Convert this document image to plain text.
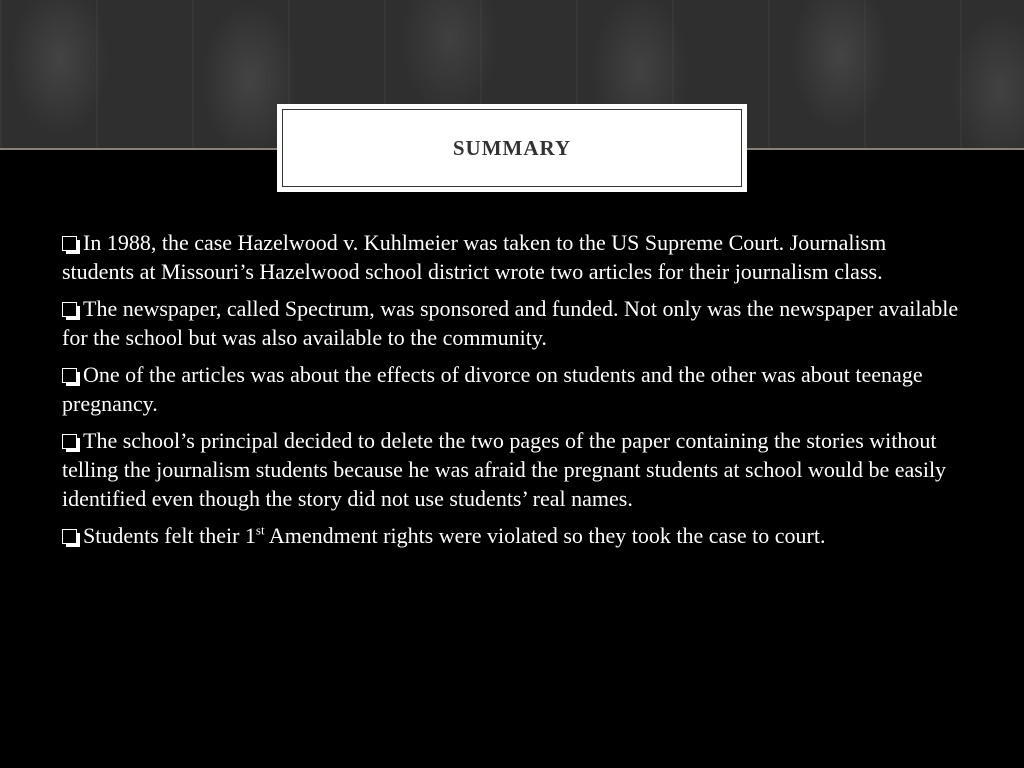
SUMMARY
In 1988, the case Hazelwood v. Kuhlmeier was taken to the US Supreme Court. Journalism students at Missouri’s Hazelwood school district wrote two articles for their journalism class.
The newspaper, called Spectrum, was sponsored and funded. Not only was the newspaper available for the school but was also available to the community.
One of the articles was about the effects of divorce on students and the other was about teenage pregnancy.
The school’s principal decided to delete the two pages of the paper containing the stories without telling the journalism students because he was afraid the pregnant students at school would be easily identified even though the story did not use students’ real names.
Students felt their 1st Amendment rights were violated so they took the case to court.
